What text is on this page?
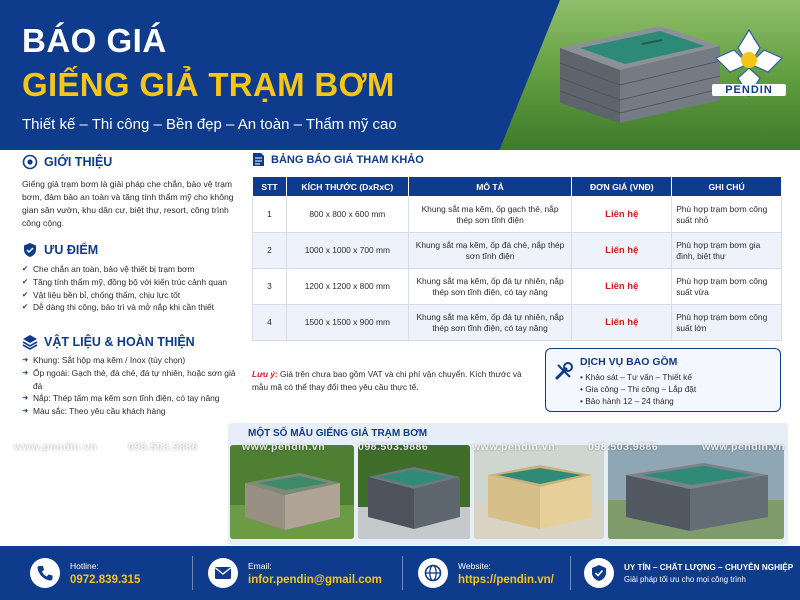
BÁO GIÁ
GIẾNG GIẢ TRẠM BƠM
Thiết kế – Thi công – Bền đẹp – An toàn – Thẩm mỹ cao
PENDIN
GIỚI THIỆU
Giếng giả trạm bơm là giải pháp che chắn, bảo vệ trạm bơm, đảm bảo an toàn và tăng tính thẩm mỹ cho không gian sân vườn, khu dân cư, biệt thự, resort, công trình công cộng.
ƯU ĐIỂM
✔ Che chắn an toàn, bảo vệ thiết bị trạm bơm
✔ Tăng tính thẩm mỹ, đồng bộ với kiến trúc cảnh quan
✔ Vật liệu bền bỉ, chống thấm, chịu lực tốt
✔ Dễ dàng thi công, bảo trì và mở nắp khi cần thiết
VẬT LIỆU & HOÀN THIỆN
➜ Khung: Sắt hộp mạ kẽm / Inox (tùy chọn)
➜ Ốp ngoài: Gạch thẻ, đá chẻ, đá tự nhiên, hoặc sơn giả đá
➜ Nắp: Thép tấm mạ kẽm sơn tĩnh điện, có tay nâng
➜ Màu sắc: Theo yêu cầu khách hàng
BẢNG BÁO GIÁ THAM KHẢO
STT	KÍCH THƯỚC (DxRxC)	MÔ TẢ	ĐƠN GIÁ (VNĐ)	GHI CHÚ
1	800 x 800 x 600 mm	Khung sắt mạ kẽm, ốp gạch thẻ, nắp thép sơn tĩnh điện	Liên hệ	Phù hợp trạm bơm công suất nhỏ
2	1000 x 1000 x 700 mm	Khung sắt mạ kẽm, ốp đá chẻ, nắp thép sơn tĩnh điện	Liên hệ	Phù hợp trạm bơm gia đình, biệt thự
3	1200 x 1200 x 800 mm	Khung sắt mạ kẽm, ốp đá tự nhiên, nắp thép sơn tĩnh điện, có tay nâng	Liên hệ	Phù hợp trạm bơm công suất vừa
4	1500 x 1500 x 900 mm	Khung sắt mạ kẽm, ốp đá tự nhiên, nắp thép sơn tĩnh điện, có tay nâng	Liên hệ	Phù hợp trạm bơm công suất lớn
Lưu ý: Giá trên chưa bao gồm VAT và chi phí vận chuyển. Kích thước và mẫu mã có thể thay đổi theo yêu cầu thực tế.
DỊCH VỤ BAO GỒM
• Khảo sát – Tư vấn – Thiết kế
• Gia công – Thi công – Lắp đặt
• Bảo hành 12 – 24 tháng
MỘT SỐ MẪU GIẾNG GIẢ TRẠM BƠM
www.pendin.vn	098.503.9886	www.pendin.vn	098.503.9886	www.pendin.vn	098.503.9886	www.pendin.vn
Hotline:
0972.839.315
Email:
infor.pendin@gmail.com
Website:
https://pendin.vn/
UY TÍN – CHẤT LƯỢNG – CHUYÊN NGHIỆP
Giải pháp tối ưu cho mọi công trình
